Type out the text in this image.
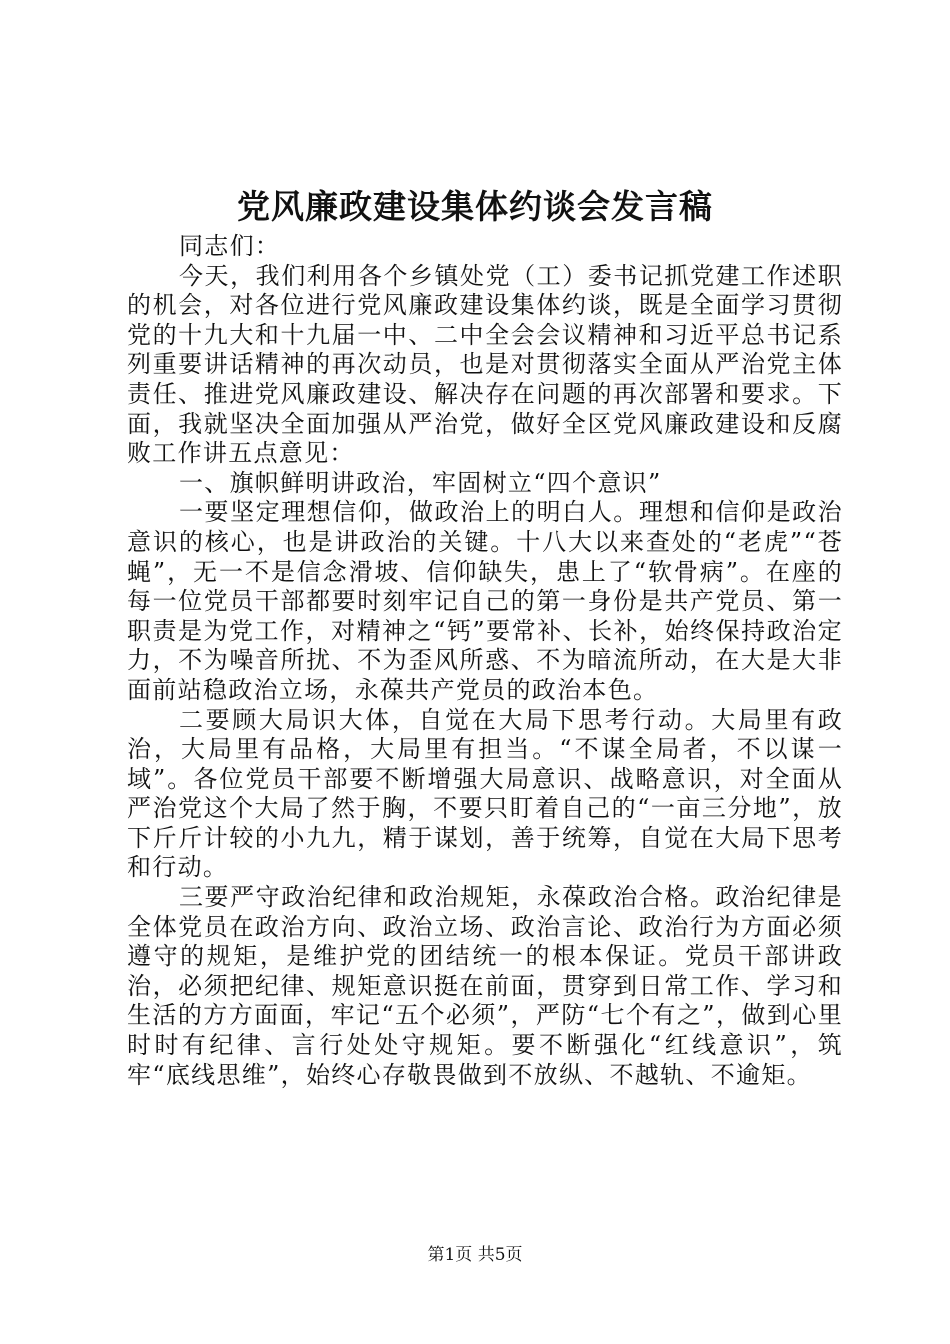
党风廉政建设集体约谈会发言稿

同志们：

今天，我们利用各个乡镇处党（工）委书记抓党建工作述职的机会，对各位进行党风廉政建设集体约谈，既是全面学习贯彻党的十九大和十九届一中、二中全会会议精神和习近平总书记系列重要讲话精神的再次动员，也是对贯彻落实全面从严治党主体责任、推进党风廉政建设、解决存在问题的再次部署和要求。下面，我就坚决全面加强从严治党，做好全区党风廉政建设和反腐败工作讲五点意见：

一、旗帜鲜明讲政治，牢固树立“四个意识”

一要坚定理想信仰，做政治上的明白人。理想和信仰是政治意识的核心，也是讲政治的关键。十八大以来查处的“老虎”“苍蝇”，无一不是信念滑坡、信仰缺失，患上了“软骨病”。在座的每一位党员干部都要时刻牢记自己的第一身份是共产党员、第一职责是为党工作，对精神之“钙”要常补、长补，始终保持政治定力，不为噪音所扰、不为歪风所惑、不为暗流所动，在大是大非面前站稳政治立场，永葆共产党员的政治本色。

二要顾大局识大体，自觉在大局下思考行动。大局里有政治，大局里有品格，大局里有担当。“不谋全局者，不以谋一域”。各位党员干部要不断增强大局意识、战略意识，对全面从严治党这个大局了然于胸，不要只盯着自己的“一亩三分地”，放下斤斤计较的小九九，精于谋划，善于统筹，自觉在大局下思考和行动。

三要严守政治纪律和政治规矩，永葆政治合格。政治纪律是全体党员在政治方向、政治立场、政治言论、政治行为方面必须遵守的规矩，是维护党的团结统一的根本保证。党员干部讲政治，必须把纪律、规矩意识挺在前面，贯穿到日常工作、学习和生活的方方面面，牢记“五个必须”，严防“七个有之”，做到心里时时有纪律、言行处处守规矩。要不断强化“红线意识”，筑牢“底线思维”，始终心存敬畏做到不放纵、不越轨、不逾矩。

第1页 共5页
